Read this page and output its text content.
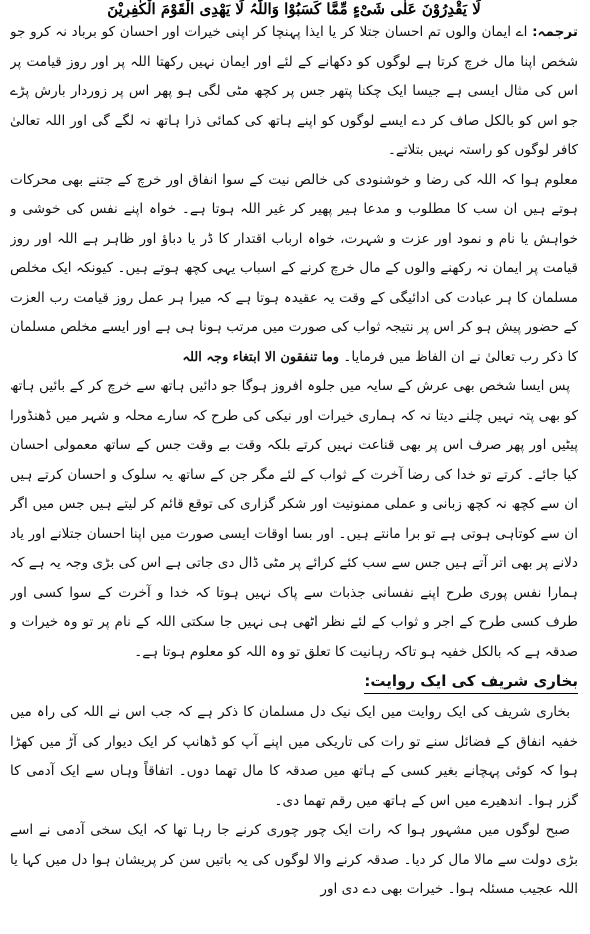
لَا یَقْدِرُوْنَ عَلٰی شَیْءٍ مِّمَّا کَسَبُوْا وَاللّٰہُ لَا یَھْدِی الْقَوْمَ الْکٰفِرِیْنَ

ترجمہ: اے ایمان والوں تم احسان جتلا کر یا ایذا پہنچا کر اپنی خیرات اور احسان کو برباد نہ کرو جو شخص اپنا مال خرچ کرتا ہے لوگوں کو دکھانے کے لئے اور ایمان نہیں رکھتا اللہ پر اور روز قیامت پر اس کی مثال ایسی ہے جیسا ایک چکنا پتھر جس پر کچھ مٹی لگی ہو پھر اس پر زوردار بارش پڑے جو اس کو بالکل صاف کر دے ایسے لوگوں کو اپنے ہاتھ کی کمائی ذرا ہاتھ نہ لگے گی اور اللہ تعالیٰ کافر لوگوں کو راستہ نہیں بتلاتے۔

معلوم ہوا کہ اللہ کی رضا و خوشنودی کی خالص نیت کے سوا انفاق اور خرچ کے جتنے بھی محرکات ہوتے ہیں ان سب کا مطلوب و مدعا ہیر پھیر کر غیر اللہ ہوتا ہے۔ خواہ اپنے نفس کی خوشی و خواہش یا نام و نمود اور عزت و شہرت، خواہ ارباب اقتدار کا ڈر یا دباؤ اور ظاہر ہے اللہ اور روز قیامت پر ایمان نہ رکھنے والوں کے مال خرچ کرنے کے اسباب یہی کچھ ہوتے ہیں۔ کیونکہ ایک مخلص مسلمان کا ہر عبادت کی ادائیگی کے وقت یہ عقیدہ ہوتا ہے کہ میرا ہر عمل روز قیامت رب العزت کے حضور پیش ہو کر اس پر نتیجہ ثواب کی صورت میں مرتب ہونا ہی ہے اور ایسے مخلص مسلمان کا ذکر رب تعالیٰ نے ان الفاظ میں فرمایا۔ وما تنفقون الا ابتغاء وجہ اللہ

پس ایسا شخص بھی عرش کے سایہ میں جلوہ افروز ہوگا جو دائیں ہاتھ سے خرچ کر کے بائیں ہاتھ کو بھی پتہ نہیں چلنے دیتا نہ کہ ہماری خیرات اور نیکی کی طرح کہ سارے محلہ و شہر میں ڈھنڈورا پیٹیں اور پھر صرف اس پر بھی قناعت نہیں کرتے بلکہ وقت بے وقت جس کے ساتھ معمولی احسان کیا جائے۔ کرتے تو خدا کی رضا آخرت کے ثواب کے لئے مگر جن کے ساتھ یہ سلوک و احسان کرتے ہیں ان سے کچھ نہ کچھ زبانی و عملی ممنونیت اور شکر گزاری کی توقع قائم کر لیتے ہیں جس میں اگر ان سے کوتاہی ہوتی ہے تو برا مانتے ہیں۔ اور بسا اوقات ایسی صورت میں اپنا احسان جتلانے اور یاد دلانے پر بھی اتر آتے ہیں جس سے سب کئے کرائے پر مٹی ڈال دی جاتی ہے اس کی بڑی وجہ یہ ہے کہ ہمارا نفس پوری طرح اپنے نفسانی جذبات سے پاک نہیں ہوتا کہ خدا و آخرت کے سوا کسی اور طرف کسی طرح کے اجر و ثواب کے لئے نظر اٹھی ہی نہیں جا سکتی اللہ کے نام پر تو وہ خیرات و صدقہ ہے کہ بالکل خفیہ ہو تاکہ رہانیت کا تعلق تو وہ اللہ کو معلوم ہوتا ہے۔

بخاری شریف کی ایک روایت:

بخاری شریف کی ایک روایت میں ایک نیک دل مسلمان کا ذکر ہے کہ جب اس نے اللہ کی راہ میں خفیہ انفاق کے فضائل سنے تو رات کی تاریکی میں اپنے آپ کو ڈھانپ کر ایک دیوار کی آڑ میں کھڑا ہوا کہ کوئی پہچانے بغیر کسی کے ہاتھ میں صدقہ کا مال تھما دوں۔ اتفاقاً وہاں سے ایک آدمی کا گزر ہوا۔ اندھیرے میں اس کے ہاتھ میں رقم تھما دی۔

صبح لوگوں میں مشہور ہوا کہ رات ایک چور چوری کرنے جا رہا تھا کہ ایک سخی آدمی نے اسے بڑی دولت سے مالا مال کر دیا۔ صدقہ کرنے والا لوگوں کی یہ باتیں سن کر پریشان ہوا دل میں کہا یا اللہ عجیب مسئلہ ہوا۔ خیرات بھی دے دی اور
